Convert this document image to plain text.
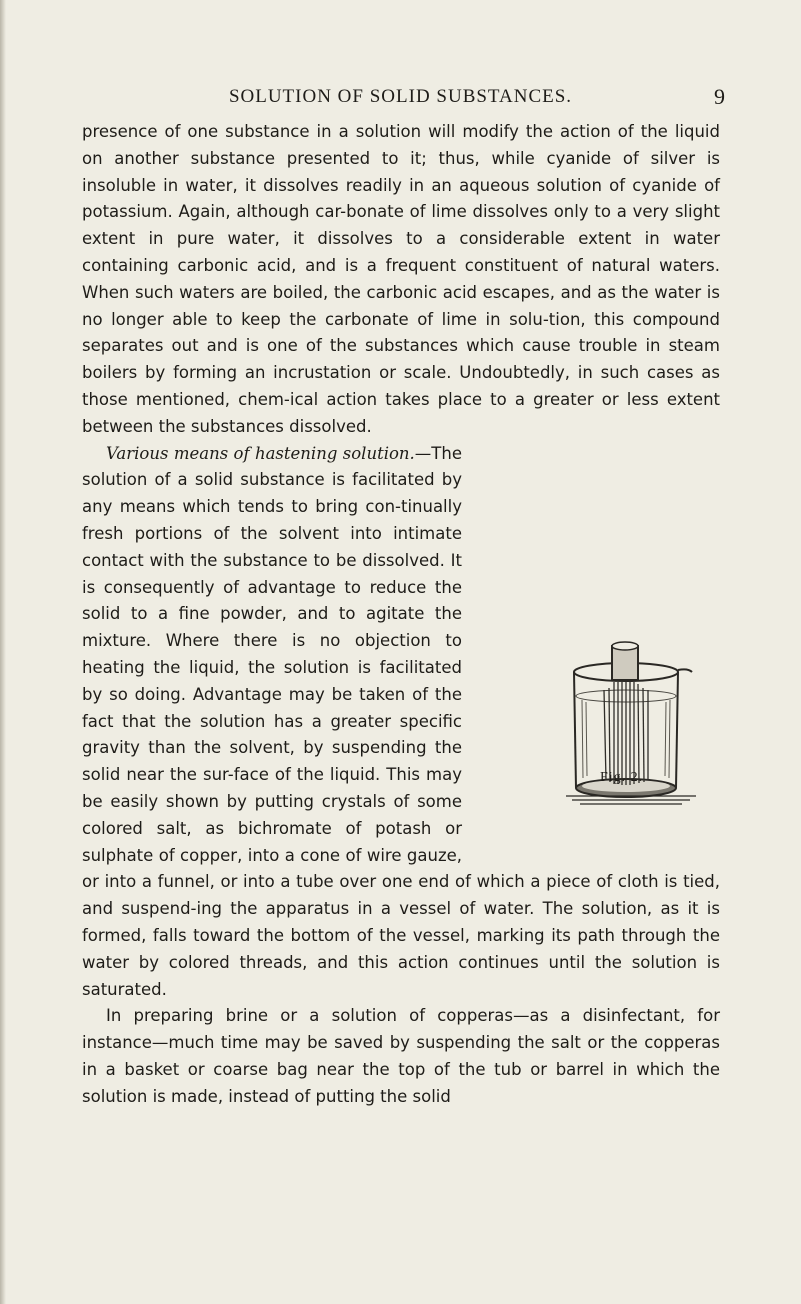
SOLUTION OF SOLID SUBSTANCES.	9

presence of one substance in a solution will modify the action of the liquid on another substance presented to it; thus, while cyanide of silver is insoluble in water, it dissolves readily in an aqueous solution of cyanide of potassium. Again, although car-bonate of lime dissolves only to a very slight extent in pure water, it dissolves to a considerable extent in water containing carbonic acid, and is a frequent constituent of natural waters. When such waters are boiled, the carbonic acid escapes, and as the water is no longer able to keep the carbonate of lime in solu-tion, this compound separates out and is one of the substances which cause trouble in steam boilers by forming an incrustation or scale. Undoubtedly, in such cases as those mentioned, chem-ical action takes place to a greater or less extent between the substances dissolved.

Various means of hastening solution.—The solution of a solid substance is facilitated by any means which tends to bring con-tinually fresh portions of the solvent into intimate contact with the substance to be dissolved. It is consequently of advantage to reduce the solid to a fine powder, and to agitate the mixture. Where there is no objection to heating the liquid, the solution is facilitated by so doing. Advantage may be taken of the fact that the solution has a greater specific gravity than the solvent, by suspending the solid near the sur-face of the liquid. This may be easily shown by putting crystals of some colored salt, as bichromate of potash or sulphate of copper, into a cone of wire gauze, or into a funnel, or into a tube over one end of which a piece of cloth is tied, and suspend-ing the apparatus in a vessel of water. The solution, as it is formed, falls toward the bottom of the vessel, marking its path through the water by colored threads, and this action continues until the solution is saturated.

In preparing brine or a solution of copperas—as a disinfectant, for instance—much time may be saved by suspending the salt or the copperas in a basket or coarse bag near the top of the tub or barrel in which the solution is made, instead of putting the solid

Fig. 2.
